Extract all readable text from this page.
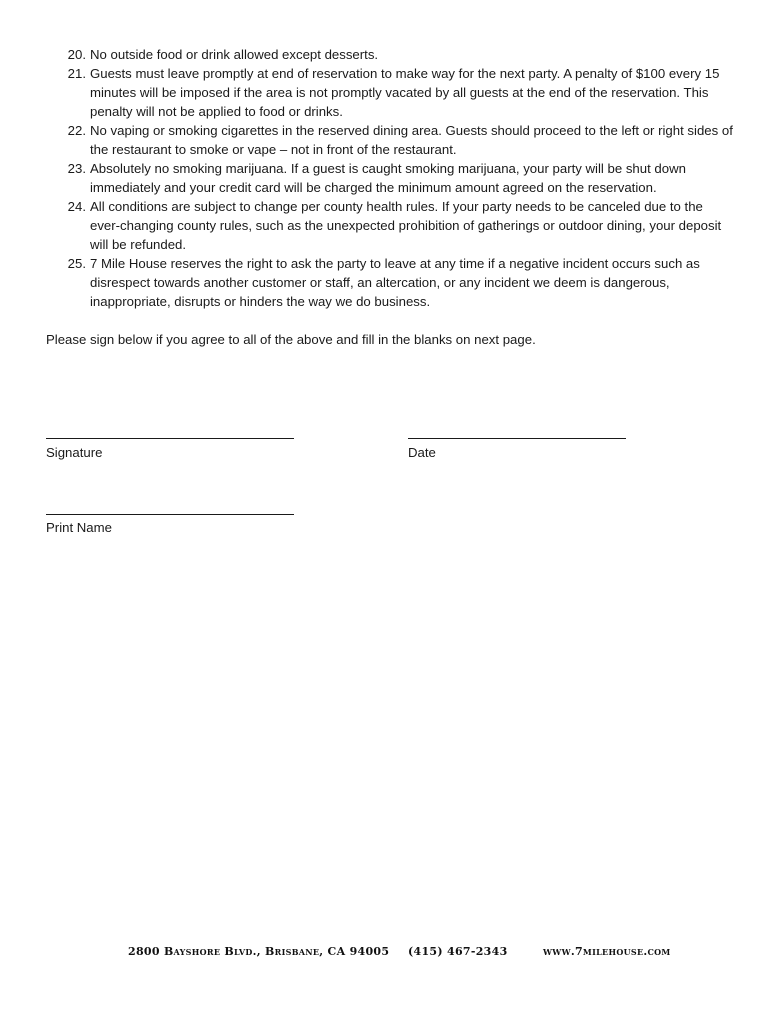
20. No outside food or drink allowed except desserts.
21. Guests must leave promptly at end of reservation to make way for the next party. A penalty of $100 every 15 minutes will be imposed if the area is not promptly vacated by all guests at the end of the reservation. This penalty will not be applied to food or drinks.
22. No vaping or smoking cigarettes in the reserved dining area. Guests should proceed to the left or right sides of the restaurant to smoke or vape – not in front of the restaurant.
23. Absolutely no smoking marijuana. If a guest is caught smoking marijuana, your party will be shut down immediately and your credit card will be charged the minimum amount agreed on the reservation.
24. All conditions are subject to change per county health rules. If your party needs to be canceled due to the ever-changing county rules, such as the unexpected prohibition of gatherings or outdoor dining, your deposit will be refunded.
25. 7 Mile House reserves the right to ask the party to leave at any time if a negative incident occurs such as disrespect towards another customer or staff, an altercation, or any incident we deem is dangerous, inappropriate, disrupts or hinders the way we do business.

Please sign below if you agree to all of the above and fill in the blanks on next page.

Signature	Date
Print Name
2800 Bayshore Blvd., Brisbane, CA 94005 (415) 467-2343	www.7milehouse.com
